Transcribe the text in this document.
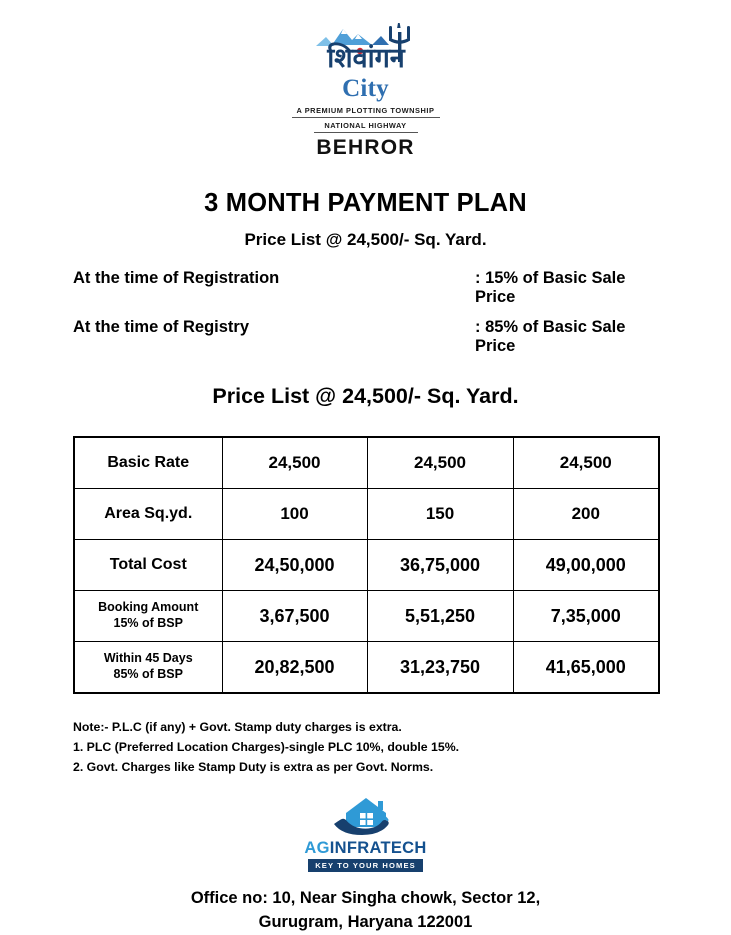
शिवांगन
City
A PREMIUM PLOTTING TOWNSHIP
NATIONAL HIGHWAY
BEHROR
3 MONTH PAYMENT PLAN
Price List @ 24,500/- Sq. Yard.
At the time of Registration	: 15% of Basic Sale Price
At the time of Registry	: 85% of Basic Sale Price
Price List @ 24,500/- Sq. Yard.
Basic Rate	24,500	24,500	24,500
Area Sq.yd.	100	150	200
Total Cost	24,50,000	36,75,000	49,00,000

Booking Amount
15% of BSP	3,67,500	5,51,250	7,35,000

Within 45 Days
85% of BSP	20,82,500	31,23,750	41,65,000
Note:- P.L.C (if any) + Govt. Stamp duty charges is extra.
1. PLC (Preferred Location Charges)-single PLC 10%, double 15%.
2. Govt. Charges like Stamp Duty is extra as per Govt. Norms.
AGINFRATECH
KEY TO YOUR HOMES
Office no: 10, Near Singha chowk, Sector 12,
Gurugram, Haryana 122001
